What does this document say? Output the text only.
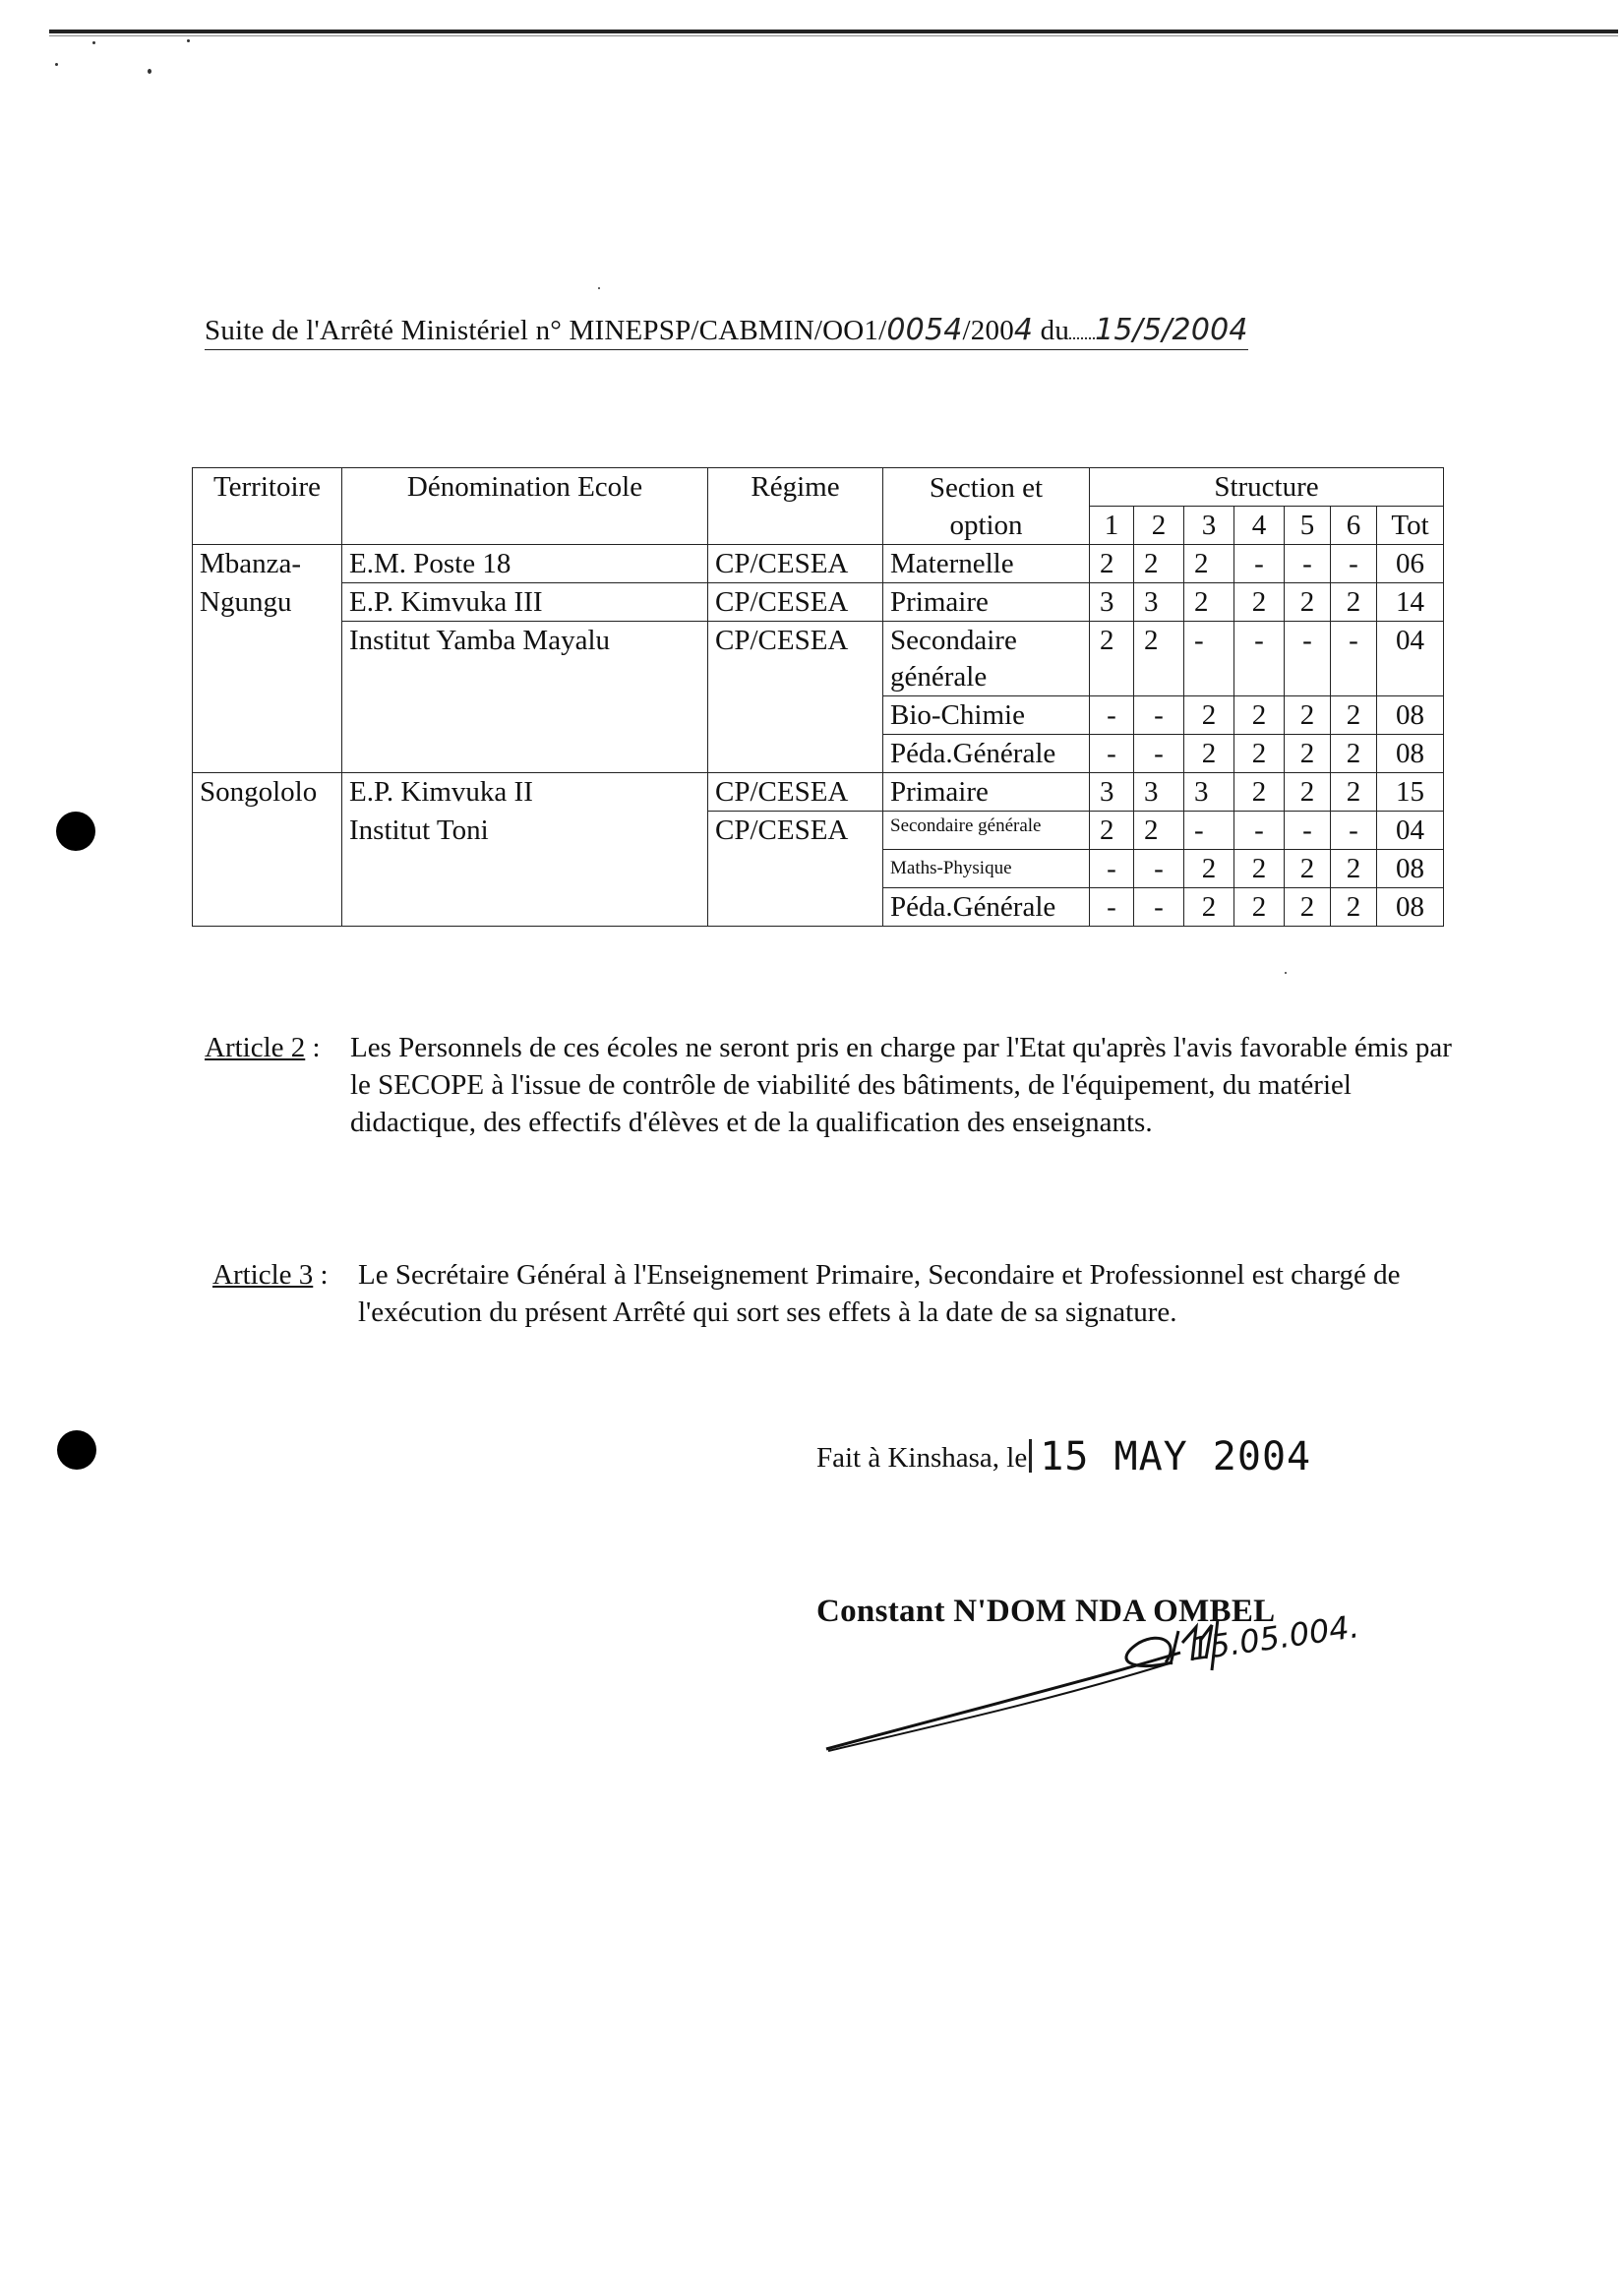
Suite de l'Arrêté Ministériel n° MINEPSP/CABMIN/OO1/0054/2004 du 15/5/2004
Territoire	Dénomination Ecole	Régime	Section et option	Structure						
				1	2	3	4	5	6	Tot
Mbanza-	E.M. Poste 18	CP/CESEA	Maternelle	2	2	2	-	-	-	06
Ngungu	E.P. Kimvuka III	CP/CESEA	Primaire	3	3	2	2	2	2	14
	Institut Yamba Mayalu	CP/CESEA	Secondaire générale	2	2	-	-	-	-	04
			Bio-Chimie	-	-	2	2	2	2	08
			Péda.Générale	-	-	2	2	2	2	08
Songololo	E.P. Kimvuka II	CP/CESEA	Primaire	3	3	3	2	2	2	15
	Institut Toni	CP/CESEA	Secondaire générale	2	2	-	-	-	-	04
			Maths-Physique	-	-	2	2	2	2	08
			Péda.Générale	-	-	2	2	2	2	08
Article 2 : Les Personnels de ces écoles ne seront pris en charge par l'Etat qu'après l'avis favorable émis par le SECOPE à l'issue de contrôle de viabilité des bâtiments, de l'équipement, du matériel didactique, des effectifs d'élèves et de la qualification des enseignants.
Article 3 : Le Secrétaire Général à l'Enseignement Primaire, Secondaire et Professionnel est chargé de l'exécution du présent Arrêté qui sort ses effets à la date de sa signature.
Fait à Kinshasa, le 15 MAY 2004
Constant N'DOM NDA OMBEL
15.05.004.
